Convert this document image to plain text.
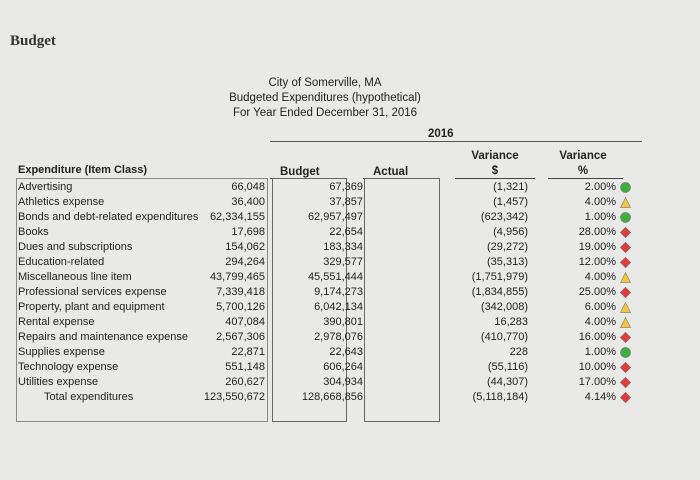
Budget
City of Somerville, MA
Budgeted Expenditures (hypothetical)
For Year Ended December 31, 2016
2016
Variance
$
Variance
%
Expenditure (Item Class)	Budget	Actual
Advertising	66,048	67,369	(1,321)	2.00%
Athletics expense	36,400	37,857	(1,457)	4.00%
Bonds and debt-related expenditures 62,334,155	62,957,497	(623,342)	1.00%
Books	17,698	22,654	(4,956)	28.00%
Dues and subscriptions	154,062	183,334	(29,272)	19.00%
Education-related	294,264	329,577	(35,313)	12.00%
Miscellaneous line item	43,799,465	45,551,444	(1,751,979)	4.00%
Professional services expense	7,339,418	9,174,273	(1,834,855)	25.00%
Property, plant and equipment	5,700,126	6,042,134	(342,008)	6.00%
Rental expense	407,084	390,801	16,283	4.00%
Repairs and maintenance expense	2,567,306	2,978,076	(410,770)	16.00%
Supplies expense	22,871	22,643	228	1.00%
Technology expense	551,148	606,264	(55,116)	10.00%
Utilities expense	260,627	304,934	(44,307)	17.00%
Total expenditures	123,550,672	128,668,856	(5,118,184)	4.14%
